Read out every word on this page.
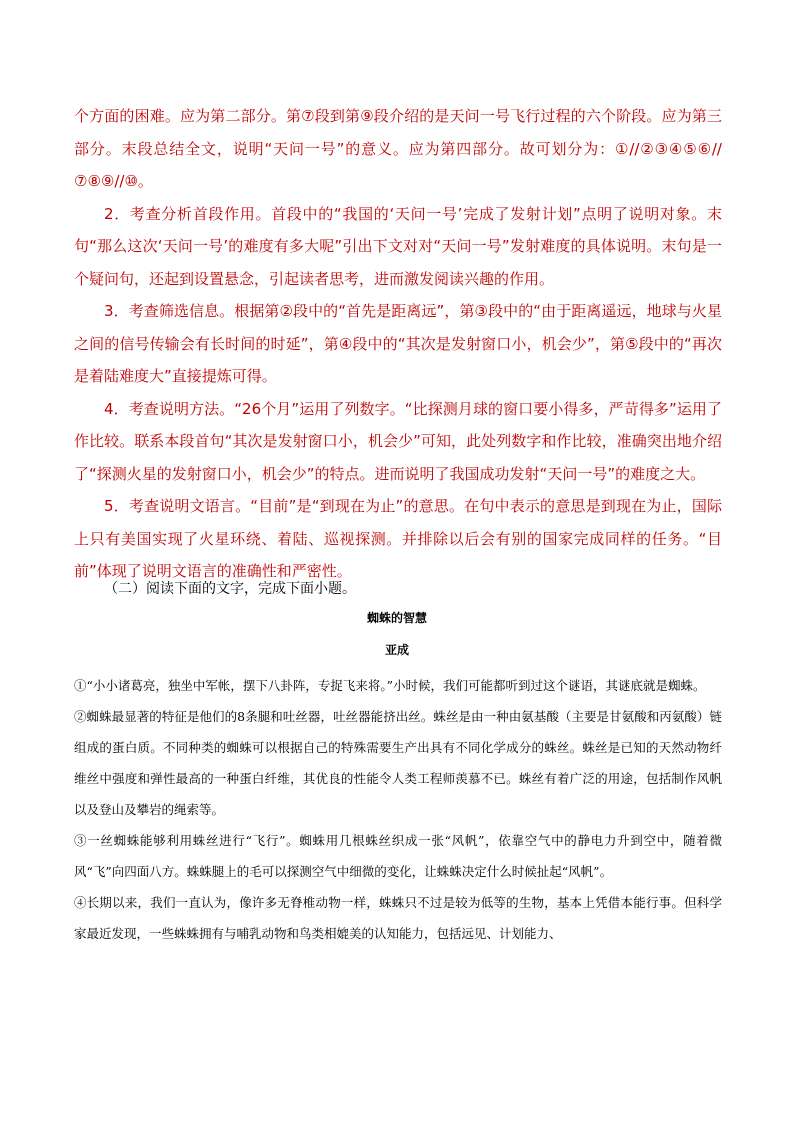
个方面的困难。应为第二部分。第⑦段到第⑨段介绍的是天问一号飞行过程的六个阶段。应为第三部分。末段总结全文，说明“天问一号”的意义。应为第四部分。故可划分为：①//②③④⑤⑥//⑦⑧⑨//⑩。

2．考查分析首段作用。首段中的“我国的‘天问一号’完成了发射计划”点明了说明对象。末句“那么这次‘天问一号’的难度有多大呢”引出下文对对“天问一号”发射难度的具体说明。末句是一个疑问句，还起到设置悬念，引起读者思考，进而激发阅读兴趣的作用。

3．考查筛选信息。根据第②段中的“首先是距离远”，第③段中的“由于距离遥远，地球与火星之间的信号传输会有长时间的时延”，第④段中的“其次是发射窗口小，机会少”，第⑤段中的“再次是着陆难度大”直接提炼可得。

4．考查说明方法。“26个月”运用了列数字。“比探测月球的窗口要小得多，严苛得多”运用了作比较。联系本段首句“其次是发射窗口小，机会少”可知，此处列数字和作比较，准确突出地介绍了“探测火星的发射窗口小，机会少”的特点。进而说明了我国成功发射“天问一号”的难度之大。

5．考查说明文语言。“目前”是“到现在为止”的意思。在句中表示的意思是到现在为止，国际上只有美国实现了火星环绕、着陆、巡视探测。并排除以后会有别的国家完成同样的任务。“目前”体现了说明文语言的准确性和严密性。

（二）阅读下面的文字，完成下面小题。
蜘蛛的智慧
亚成

①“小小诸葛亮，独坐中军帐，摆下八卦阵，专捉飞来将。”小时候，我们可能都听到过这个谜语，其谜底就是蜘蛛。

②蜘蛛最显著的特征是他们的8条腿和吐丝器，吐丝器能挤出丝。蛛丝是由一种由氨基酸（主要是甘氨酸和丙氨酸）链组成的蛋白质。不同种类的蜘蛛可以根据自己的特殊需要生产出具有不同化学成分的蛛丝。蛛丝是已知的天然动物纤维丝中强度和弹性最高的一种蛋白纤维，其优良的性能令人类工程师羡慕不已。蛛丝有着广泛的用途，包括制作风帆以及登山及攀岩的绳索等。

③一丝蜘蛛能够利用蛛丝进行“飞行”。蜘蛛用几根蛛丝织成一张“风帆”，依靠空气中的静电力升到空中，随着微风“飞”向四面八方。蛛蛛腿上的毛可以探测空气中细微的变化，让蛛蛛决定什么时候扯起“风帆”。

④长期以来，我们一直认为，像许多无脊椎动物一样，蛛蛛只不过是较为低等的生物，基本上凭借本能行事。但科学家最近发现，一些蛛蛛拥有与哺乳动物和鸟类相媲美的认知能力，包括远见、计划能力、
